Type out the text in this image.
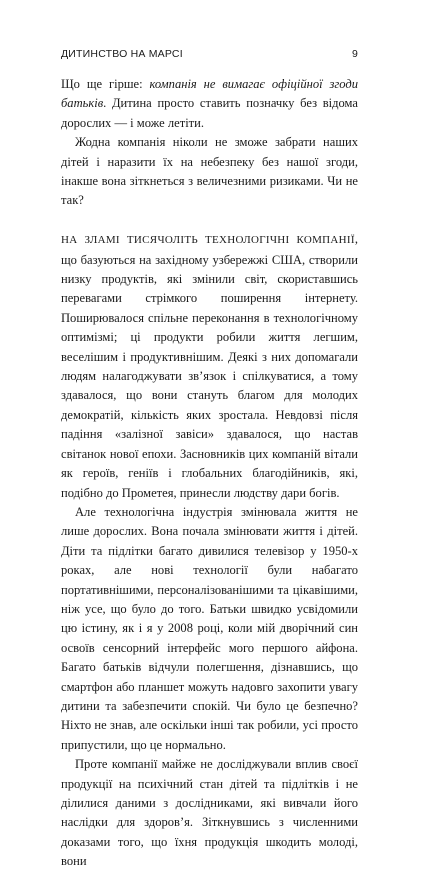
ДИТИНСТВО НА МАРСІ	9

Що ще гірше: компанія не вимагає офіційної згоди батьків. Дитина просто ставить позначку без відома дорослих — і може летіти.

Жодна компанія ніколи не зможе забрати наших дітей і наразити їх на небезпеку без нашої згоди, інакше вона зіткнеться з величезними ризиками. Чи не так?

НА ЗЛАМІ ТИСЯЧОЛІТЬ ТЕХНОЛОГІЧНІ КОМПАНІЇ, що базуються на західному узбережжі США, створили низку продуктів, які змінили світ, скориставшись перевагами стрімкого поширення інтернету. Поширювалося спільне переконання в технологічному оптимізмі; ці продукти робили життя легшим, веселішим і продуктивнішим. Деякі з них допомагали людям налагоджувати зв’язок і спілкуватися, а тому здавалося, що вони стануть благом для молодих демократій, кількість яких зростала. Невдовзі після падіння «залізної завіси» здавалося, що настав світанок нової епохи. Засновників цих компаній вітали як героїв, геніїв і глобальних благодійників, які, подібно до Прометея, принесли людству дари богів.

Але технологічна індустрія змінювала життя не лише дорослих. Вона почала змінювати життя і дітей. Діти та підлітки багато дивилися телевізор у 1950-х роках, але нові технології були набагато портативнішими, персоналізованішими та цікавішими, ніж усе, що було до того. Батьки швидко усвідомили цю істину, як і я у 2008 році, коли мій дворічний син освоїв сенсорний інтерфейс мого першого айфона. Багато батьків відчули полегшення, дізнавшись, що смартфон або планшет можуть надовго захопити увагу дитини та забезпечити спокій. Чи було це безпечно? Ніхто не знав, але оскільки інші так робили, усі просто припустили, що це нормально.

Проте компанії майже не досліджували вплив своєї продукції на психічний стан дітей та підлітків і не ділилися даними з дослідниками, які вивчали його наслідки для здоров’я. Зіткнувшись з численними доказами того, що їхня продукція шкодить молоді, вони
